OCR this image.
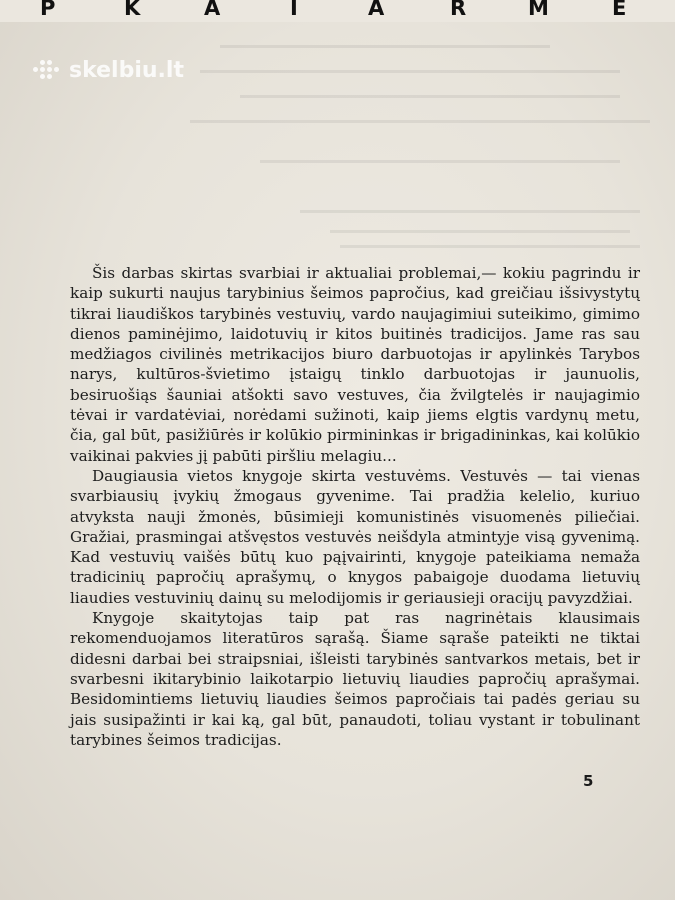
P	K	A	I	A	R	M	E
skelbiu.lt

Šis darbas skirtas svarbiai ir aktualiai problemai,— kokiu pagrindu ir kaip sukurti naujus tarybinius šeimos papročius, kad greičiau išsivystytų tikrai liaudiškos tarybinės vestuvių, vardo naujagimiui suteikimo, gimimo dienos paminėjimo, laidotuvių ir kitos buitinės tradicijos. Jame ras sau medžiagos civilinės metrikacijos biuro darbuotojas ir apylinkės Tarybos narys, kultūros-švietimo įstaigų tinklo darbuotojas ir jaunuolis, besiruošiąs šauniai atšokti savo vestuves, čia žvilgtelės ir naujagimio tėvai ir vardatėviai, norėdami sužinoti, kaip jiems elgtis vardynų metu, čia, gal būt, pasižiūrės ir kolūkio pirmininkas ir brigadininkas, kai kolūkio vaikinai pakvies jį pabūti piršliu melagiu...

Daugiausia vietos knygoje skirta vestuvėms. Vestuvės — tai vienas svarbiausių įvykių žmogaus gyvenime. Tai pradžia kelelio, kuriuo atvyksta nauji žmonės, būsimieji komunistinės visuomenės piliečiai. Gražiai, prasmingai atšvęstos vestuvės neišdyla atmintyje visą gyvenimą. Kad vestuvių vaišės būtų kuo pąįvairinti, knygoje pateikiama nemaža tradicinių papročių aprašymų, o knygos pabaigoje duodama lietuvių liaudies vestuvinių dainų su melodijomis ir geriausieji oracijų pavyzdžiai.

Knygoje skaitytojas taip pat ras nagrinėtais klausimais rekomenduojamos literatūros sąrašą. Šiame sąraše pateikti ne tiktai didesni darbai bei straipsniai, išleisti tarybinės santvarkos metais, bet ir svarbesni ikitarybinio laikotarpio lietuvių liaudies papročių aprašymai. Besidomintiems lietuvių liaudies šeimos papročiais tai padės geriau su jais susipažinti ir kai ką, gal būt, panaudoti, toliau vystant ir tobulinant tarybines šeimos tradicijas.

5
